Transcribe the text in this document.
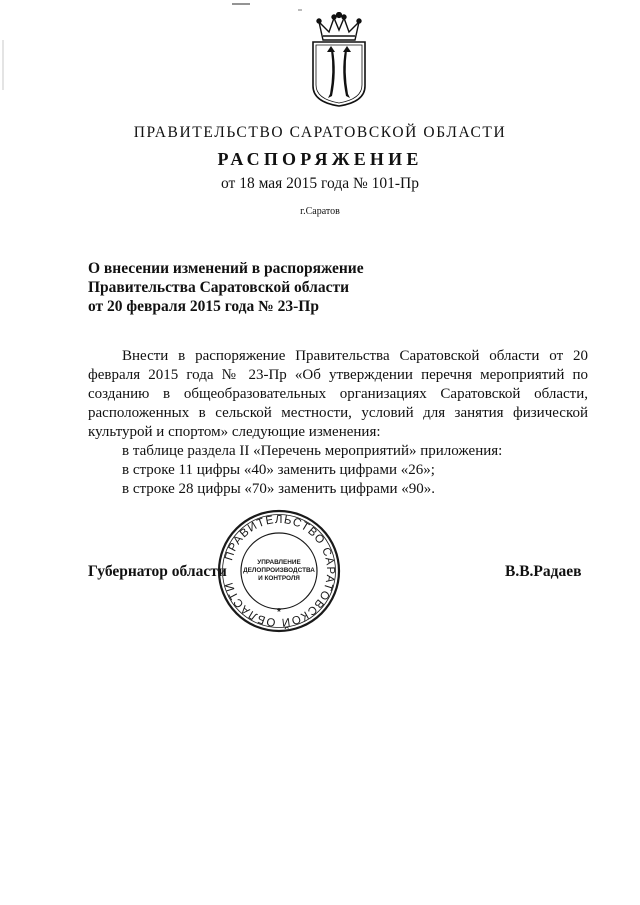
ПРАВИТЕЛЬСТВО САРАТОВСКОЙ ОБЛАСТИ
РАСПОРЯЖЕНИЕ
от 18 мая 2015 года № 101-Пр
г.Саратов
О внесении изменений в распоряжение
Правительства Саратовской области
от 20 февраля 2015 года № 23-Пр

Внести в распоряжение Правительства Саратовской области от 20 февраля 2015 года № 23-Пр «Об утверждении перечня мероприятий по созданию в общеобразовательных организациях Саратовской области, расположенных в сельской местности, условий для занятия физической культурой и спортом» следующие изменения:

в таблице раздела II «Перечень мероприятий» приложения:

в строке 11 цифры «40» заменить цифрами «26»;

в строке 28 цифры «70» заменить цифрами «90».

Губернатор области	В.В.Радаев
ПРАВИТЕЛЬСТВО САРАТОВСКОЙ ОБЛАСТИ
УПРАВЛЕНИЕ
ДЕЛОПРОИЗВОДСТВА
И КОНТРОЛЯ
*
